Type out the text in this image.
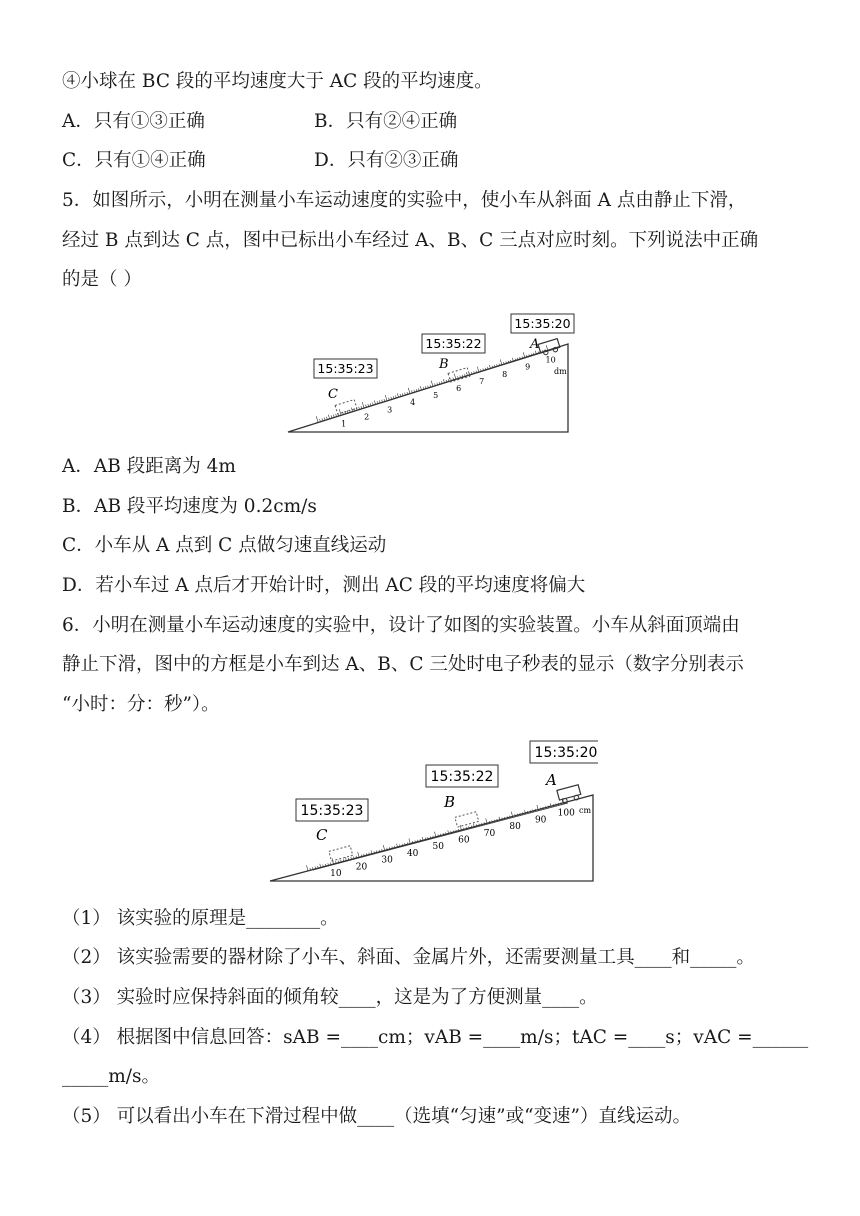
④小球在 BC 段的平均速度大于 AC 段的平均速度。
A．只有①③正确	B．只有②④正确
C．只有①④正确	D．只有②③正确
5．如图所示，小明在测量小车运动速度的实验中，使小车从斜面 A 点由静止下滑，
经过 B 点到达 C 点，图中已标出小车经过 A、B、C 三点对应时刻。下列说法中正确
的是（ ）
1
2
3
4
5
6
7
8
9
10
15:35:20
15:35:22
15:35:23
A
B
C
dm
A．AB 段距离为 4m
B．AB 段平均速度为 0.2cm/s
C．小车从 A 点到 C 点做匀速直线运动
D．若小车过 A 点后才开始计时，测出 AC 段的平均速度将偏大
6．小明在测量小车运动速度的实验中，设计了如图的实验装置。小车从斜面顶端由
静止下滑，图中的方框是小车到达 A、B、C 三处时电子秒表的显示（数字分别表示
“小时：分：秒”）。
10
20
30
40
50
60
70
80
90
100
15:35:20
15:35:22
15:35:23
A
B
C
cm
（1） 该实验的原理是________。
（2） 该实验需要的器材除了小车、斜面、金属片外，还需要测量工具____和_____。
（3） 实验时应保持斜面的倾角较____，这是为了方便测量____。
（4） 根据图中信息回答：sAB =____cm；vAB =____m/s；tAC =____s；vAC =______
_____m/s。
（5） 可以看出小车在下滑过程中做____（选填“匀速”或“变速”）直线运动。
